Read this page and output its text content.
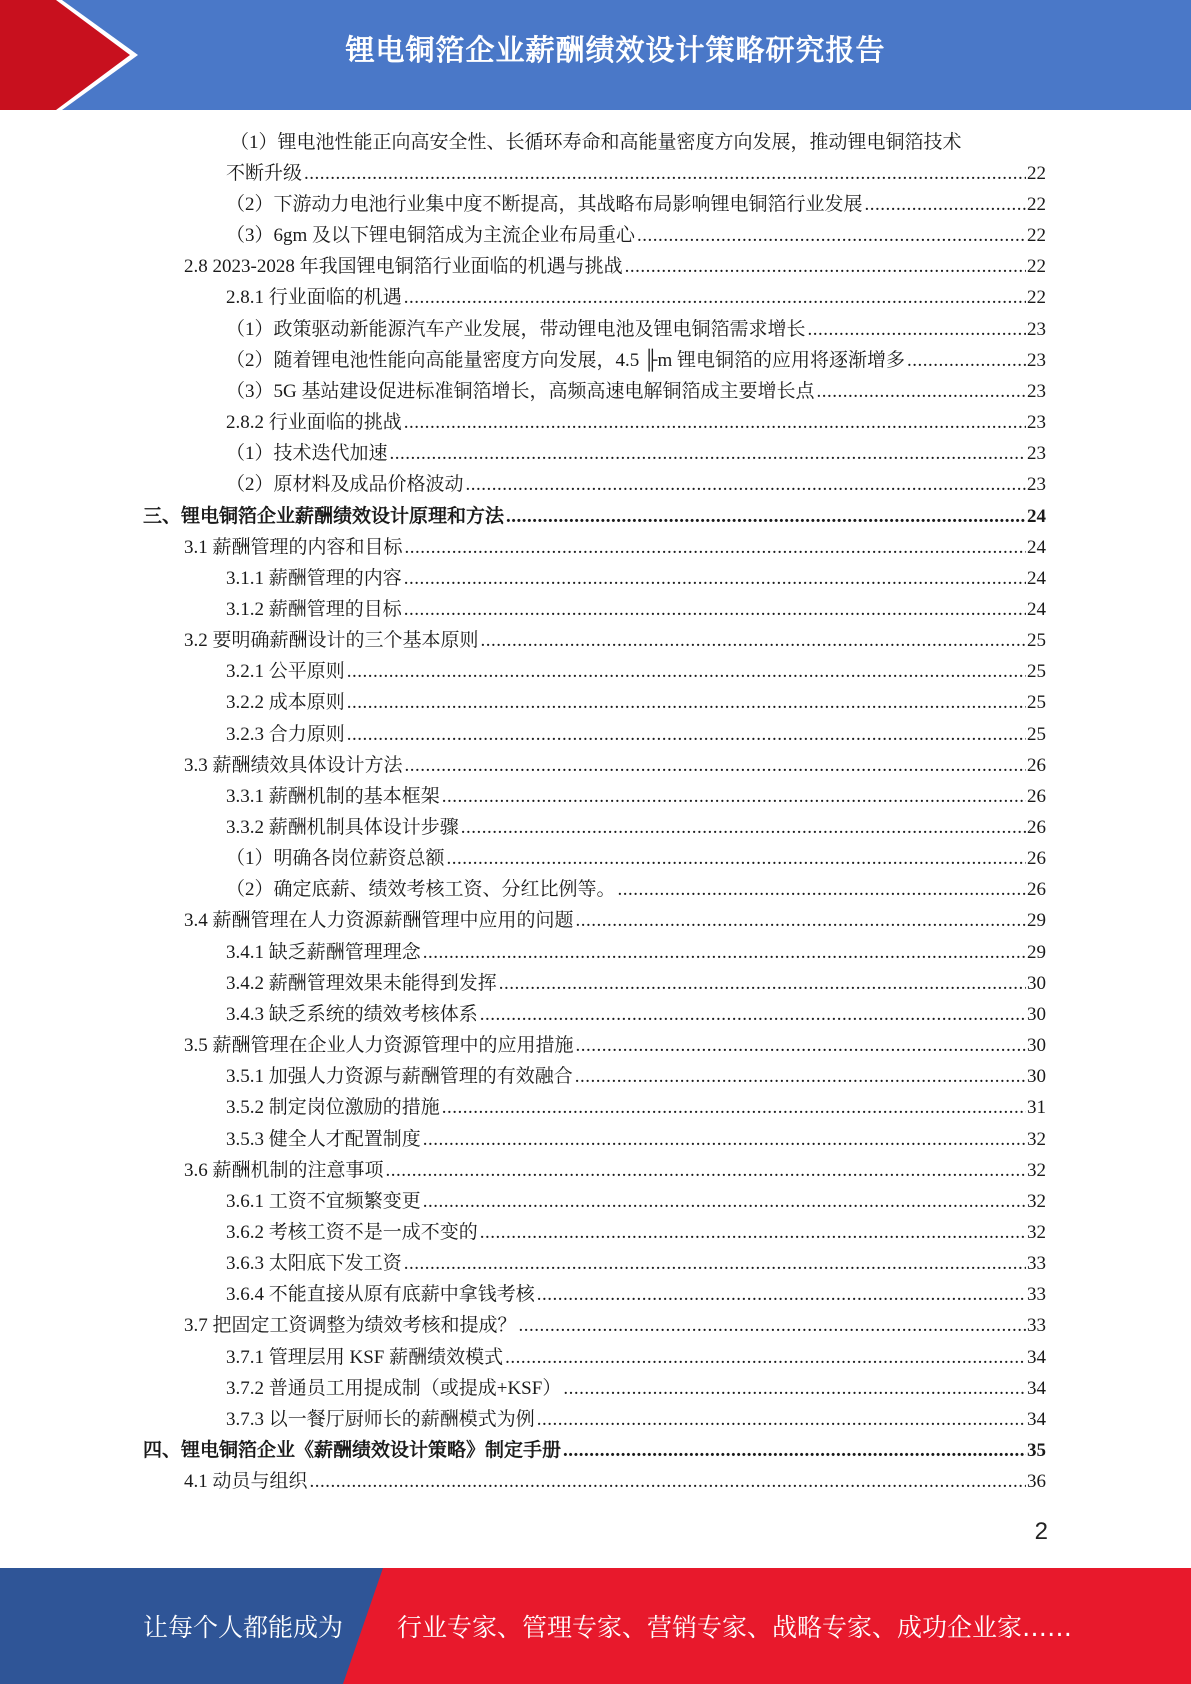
锂电铜箔企业薪酬绩效设计策略研究报告
（1）锂电池性能正向高安全性、长循环寿命和高能量密度方向发展，推动锂电铜箔技术
不断升级 .....	22
（2）下游动力电池行业集中度不断提高，其战略布局影响锂电铜箔行业发展 .....	22
（3）6gm 及以下锂电铜箔成为主流企业布局重心 .....	22
2.8 2023-2028 年我国锂电铜箔行业面临的机遇与挑战 .....	22
2.8.1 行业面临的机遇 .....	22
（1）政策驱动新能源汽车产业发展，带动锂电池及锂电铜箔需求增长 .....	23
（2）随着锂电池性能向高能量密度方向发展，4.5 ╟m 锂电铜箔的应用将逐渐增多 .....	23
（3）5G 基站建设促进标准铜箔增长，高频高速电解铜箔成主要增长点 .....	23
2.8.2 行业面临的挑战 .....	23
（1）技术迭代加速 .....	23
（2）原材料及成品价格波动 .....	23
三、锂电铜箔企业薪酬绩效设计原理和方法 .....	24
3.1 薪酬管理的内容和目标 .....	24
3.1.1 薪酬管理的内容 .....	24
3.1.2 薪酬管理的目标 .....	24
3.2 要明确薪酬设计的三个基本原则 .....	25
3.2.1 公平原则 .....	25
3.2.2 成本原则 .....	25
3.2.3 合力原则 .....	25
3.3 薪酬绩效具体设计方法 .....	26
3.3.1 薪酬机制的基本框架 .....	26
3.3.2 薪酬机制具体设计步骤 .....	26
（1）明确各岗位薪资总额 .....	26
（2）确定底薪、绩效考核工资、分红比例等。 .....	26
3.4 薪酬管理在人力资源薪酬管理中应用的问题 .....	29
3.4.1 缺乏薪酬管理理念 .....	29
3.4.2 薪酬管理效果未能得到发挥 .....	30
3.4.3 缺乏系统的绩效考核体系 .....	30
3.5 薪酬管理在企业人力资源管理中的应用措施 .....	30
3.5.1 加强人力资源与薪酬管理的有效融合 .....	30
3.5.2 制定岗位激励的措施 .....	31
3.5.3 健全人才配置制度 .....	32
3.6 薪酬机制的注意事项 .....	32
3.6.1 工资不宜频繁变更 .....	32
3.6.2 考核工资不是一成不变的 .....	32
3.6.3 太阳底下发工资 .....	33
3.6.4 不能直接从原有底薪中拿钱考核 .....	33
3.7 把固定工资调整为绩效考核和提成？ .....	33
3.7.1 管理层用 KSF 薪酬绩效模式 .....	34
3.7.2 普通员工用提成制（或提成+KSF） .....	34
3.7.3 以一餐厅厨师长的薪酬模式为例 .....	34
四、锂电铜箔企业《薪酬绩效设计策略》制定手册 .....	35
4.1 动员与组织 .....	36
2
让每个人都能成为 行业专家、管理专家、营销专家、战略专家、成功企业家……
